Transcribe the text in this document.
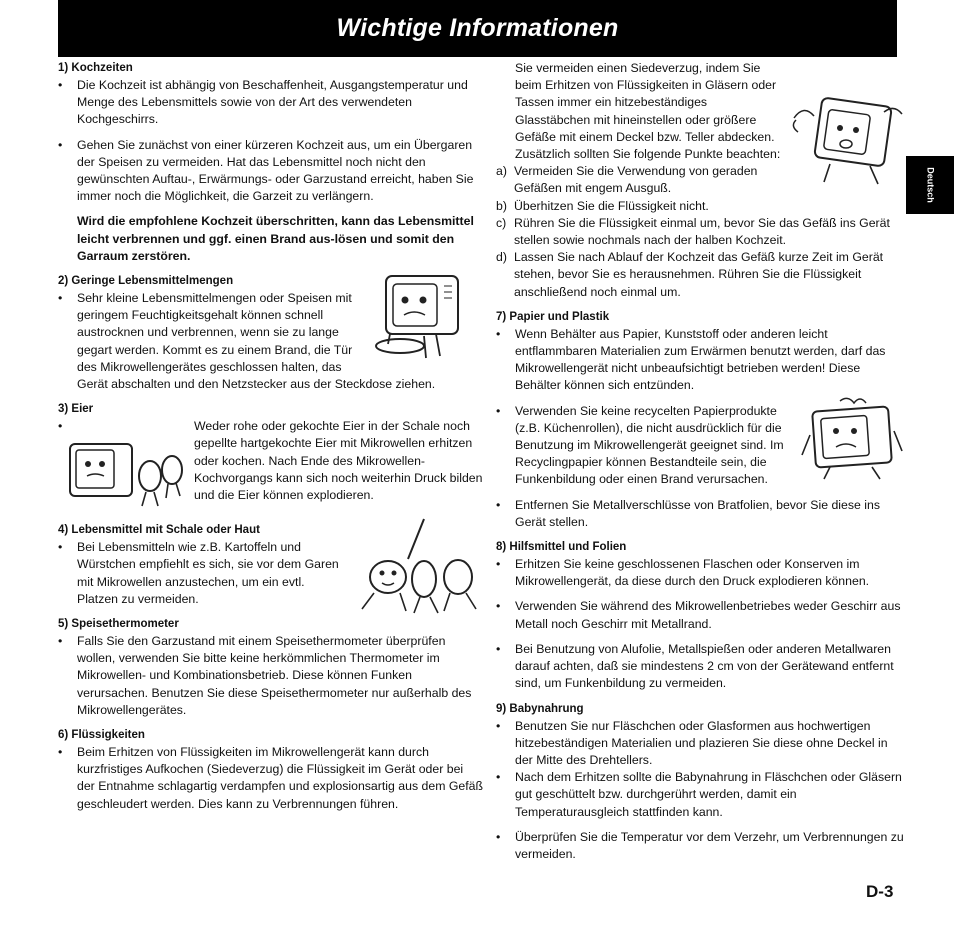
Wichtige Informationen
Deutsch
1) Kochzeiten
• Die Kochzeit ist abhängig von Beschaffenheit, Ausgangstemperatur und Menge des Lebensmittels sowie von der Art des verwendeten Kochgeschirrs.
• Gehen Sie zunächst von einer kürzeren Kochzeit aus, um ein Übergaren der Speisen zu vermeiden. Hat das Lebensmittel noch nicht den gewünschten Auftau-, Erwärmungs- oder Garzustand erreicht, haben Sie immer noch die Möglichkeit, die Garzeit zu verlängern.
Wird die empfohlene Kochzeit überschritten, kann das Lebensmittel leicht verbrennen und ggf. einen Brand aus-lösen und somit den Garraum zerstören.
2) Geringe Lebensmittelmengen
• Sehr kleine Lebensmittelmengen oder Speisen mit geringem Feuchtigkeitsgehalt können schnell austrocknen und verbrennen, wenn sie zu lange gegart werden. Kommt es zu einem Brand, die Tür des Mikrowellengerätes geschlossen halten, das Gerät abschalten und den Netzstecker aus der Steckdose ziehen.
3) Eier
• Weder rohe oder gekochte Eier in der Schale noch gepellte hartgekochte Eier mit Mikrowellen erhitzen oder kochen. Nach Ende des Mikrowellen-Kochvorgangs kann sich noch weiterhin Druck bilden und die Eier können explodieren.
4) Lebensmittel mit Schale oder Haut
• Bei Lebensmitteln wie z.B. Kartoffeln und Würstchen empfiehlt es sich, sie vor dem Garen mit Mikrowellen anzustechen, um ein evtl. Platzen zu vermeiden.
5) Speisethermometer
• Falls Sie den Garzustand mit einem Speisethermometer überprüfen wollen, verwenden Sie bitte keine herkömmlichen Thermometer im Mikrowellen- und Kombinationsbetrieb. Diese können Funken verursachen. Benutzen Sie diese Speisethermometer nur außerhalb des Mikrowellengerätes.
6) Flüssigkeiten
• Beim Erhitzen von Flüssigkeiten im Mikrowellengerät kann durch kurzfristiges Aufkochen (Siedeverzug) die Flüssigkeit im Gerät oder bei der Entnahme schlagartig verdampfen und explosionsartig aus dem Gefäß geschleudert werden. Dies kann zu Verbrennungen führen.
Sie vermeiden einen Siedeverzug, indem Sie beim Erhitzen von Flüssigkeiten in Gläsern oder Tassen immer ein hitzebeständiges Glasstäbchen mit hineinstellen oder größere Gefäße mit einem Deckel bzw. Teller abdecken. Zusätzlich sollten Sie folgende Punkte beachten:
a) Vermeiden Sie die Verwendung von geraden Gefäßen mit engem Ausguß.
b) Überhitzen Sie die Flüssigkeit nicht.
c) Rühren Sie die Flüssigkeit einmal um, bevor Sie das Gefäß ins Gerät stellen sowie nochmals nach der halben Kochzeit.
d) Lassen Sie nach Ablauf der Kochzeit das Gefäß kurze Zeit im Gerät stehen, bevor Sie es herausnehmen. Rühren Sie die Flüssigkeit anschließend noch einmal um.
7) Papier und Plastik
• Wenn Behälter aus Papier, Kunststoff oder anderen leicht entflammbaren Materialien zum Erwärmen benutzt werden, darf das Mikrowellengerät nicht unbeaufsichtigt betrieben werden! Diese Behälter können sich entzünden.
• Verwenden Sie keine recycelten Papierprodukte (z.B. Küchenrollen), die nicht ausdrücklich für die Benutzung im Mikrowellengerät geeignet sind. Im Recyclingpapier können Bestandteile sein, die Funkenbildung oder einen Brand verursachen.
• Entfernen Sie Metallverschlüsse von Bratfolien, bevor Sie diese ins Gerät stellen.
8) Hilfsmittel und Folien
• Erhitzen Sie keine geschlossenen Flaschen oder Konserven im Mikrowellengerät, da diese durch den Druck explodieren können.
• Verwenden Sie während des Mikrowellenbetriebes weder Geschirr aus Metall noch Geschirr mit Metallrand.
• Bei Benutzung von Alufolie, Metallspießen oder anderen Metallwaren darauf achten, daß sie mindestens 2 cm von der Gerätewand entfernt sind, um Funkenbildung zu vermeiden.
9) Babynahrung
• Benutzen Sie nur Fläschchen oder Glasformen aus hochwertigen hitzebeständigen Materialien und plazieren Sie diese ohne Deckel in der Mitte des Drehtellers.
• Nach dem Erhitzen sollte die Babynahrung in Fläschchen oder Gläsern gut geschüttelt bzw. durchgerührt werden, damit ein Temperaturausgleich stattfinden kann.
• Überprüfen Sie die Temperatur vor dem Verzehr, um Verbrennungen zu vermeiden.
D-3
